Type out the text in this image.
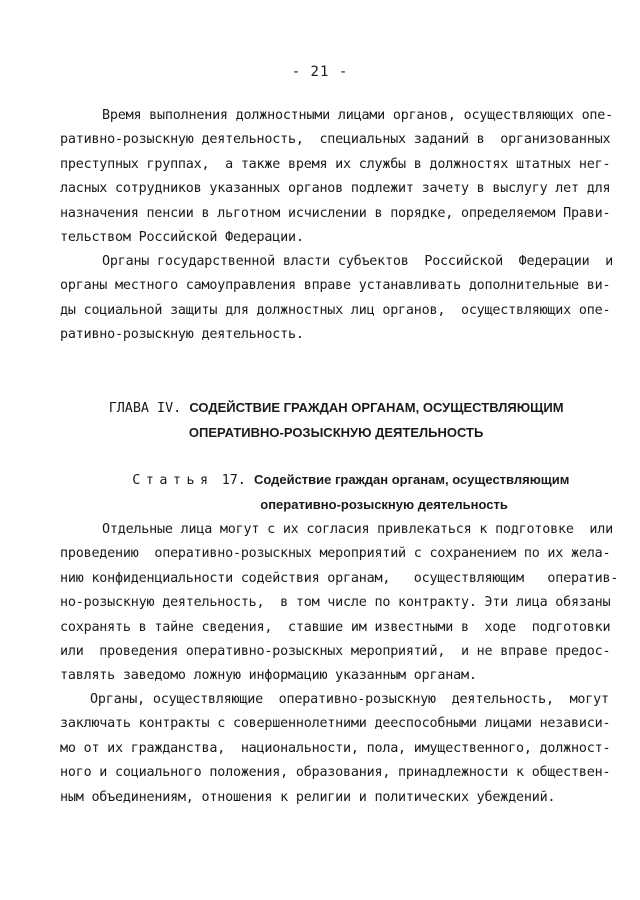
- 21 -
Время выполнения должностными лицами органов, осуществляющих опе-
ративно-розыскную деятельность,  специальных заданий в  организованных
преступных группах,  а также время их службы в должностях штатных нег-
ласных сотрудников указанных органов подлежит зачету в выслугу лет для
назначения пенсии в льготном исчислении в порядке, определяемом Прави-
тельством Российской Федерации.
Органы государственной власти субъектов  Российской  Федерации  и
органы местного самоуправления вправе устанавливать дополнительные ви-
ды социальной защиты для должностных лиц органов,  осуществляющих опе-
ративно-розыскную деятельность.

ГЛАВА IV. СОДЕЙСТВИЕ ГРАЖДАН ОРГАНАМ, ОСУЩЕСТВЛЯЮЩИМ

ОПЕРАТИВНО-РОЗЫСКНУЮ ДЕЯТЕЛЬНОСТЬ

Статья 17. Содействие граждан органам, осуществляющим

оперативно-розыскную деятельность

Отдельные лица могут с их согласия привлекаться к подготовке  или
проведению  оперативно-розыскных мероприятий с сохранением по их жела-
нию конфиденциальности содействия органам,   осуществляющим   оператив-
но-розыскную деятельность,  в том числе по контракту. Эти лица обязаны
сохранять в тайне сведения,  ставшие им известными в  ходе  подготовки
или  проведения оперативно-розыскных мероприятий,  и не вправе предос-
тавлять заведомо ложную информацию указанным органам.
Органы, осуществляющие  оперативно-розыскную  деятельность,  могут
заключать контракты с совершеннолетними дееспособными лицами независи-
мо от их гражданства,  национальности, пола, имущественного, должност-
ного и социального положения, образования, принадлежности к обществен-
ным объединениям, отношения к религии и политических убеждений.
